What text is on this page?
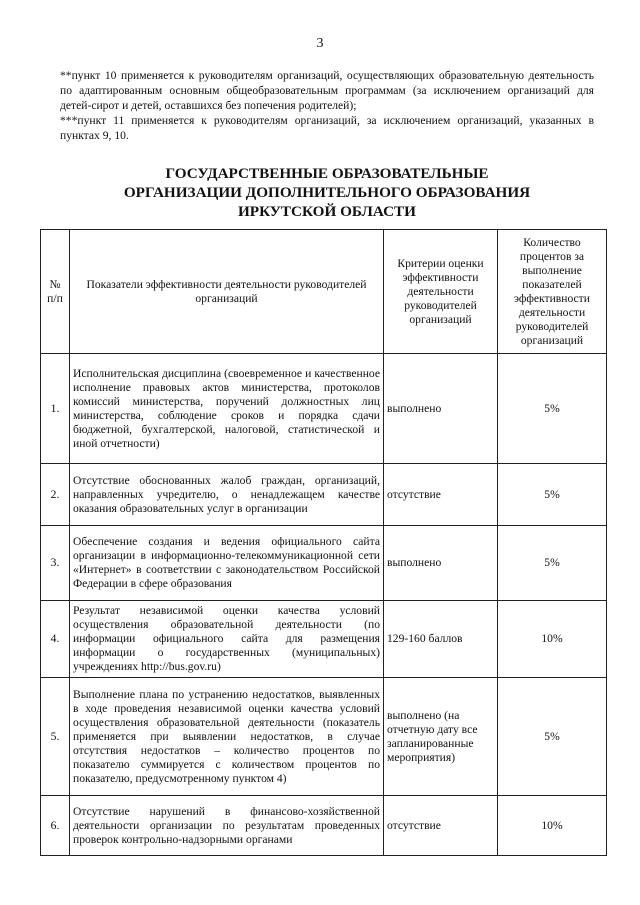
3

**пункт 10 применяется к руководителям организаций, осуществляющих образовательную деятельность по адаптированным основным общеобразовательным программам (за исключением организаций для детей-сирот и детей, оставшихся без попечения родителей);

***пункт 11 применяется к руководителям организаций, за исключением организаций, указанных в пунктах 9, 10.

ГОСУДАРСТВЕННЫЕ ОБРАЗОВАТЕЛЬНЫЕ
ОРГАНИЗАЦИИ ДОПОЛНИТЕЛЬНОГО ОБРАЗОВАНИЯ
ИРКУТСКОЙ ОБЛАСТИ
№ п/п	Показатели эффективности деятельности руководителей организаций	Критерии оценки эффективности деятельности руководителей организаций	Количество процентов за выполнение показателей эффективности деятельности руководителей организаций
1.	Исполнительская дисциплина (своевременное и качественное исполнение правовых актов министерства, протоколов комиссий министерства, поручений должностных лиц министерства, соблюдение сроков и порядка сдачи бюджетной, бухгалтерской, налоговой, статистической и иной отчетности)	выполнено	5%
2.	Отсутствие обоснованных жалоб граждан, организаций, направленных учредителю, о ненадлежащем качестве оказания образовательных услуг в организации	отсутствие	5%
3.	Обеспечение создания и ведения официального сайта организации в информационно-телекоммуникационной сети «Интернет» в соответствии с законодательством Российской Федерации в сфере образования	выполнено	5%
4.	Результат независимой оценки качества условий осуществления образовательной деятельности (по информации официального сайта для размещения информации о государственных (муниципальных) учреждениях http://bus.gov.ru)	129-160 баллов	10%
5.	Выполнение плана по устранению недостатков, выявленных в ходе проведения независимой оценки качества условий осуществления образовательной деятельности (показатель применяется при выявлении недостатков, в случае отсутствия недостатков – количество процентов по показателю суммируется с количеством процентов по показателю, предусмотренному пунктом 4)	выполнено (на отчетную дату все запланированные мероприятия)	5%
6.	Отсутствие нарушений в финансово-хозяйственной деятельности организации по результатам проведенных проверок контрольно-надзорными органами	отсутствие	10%
